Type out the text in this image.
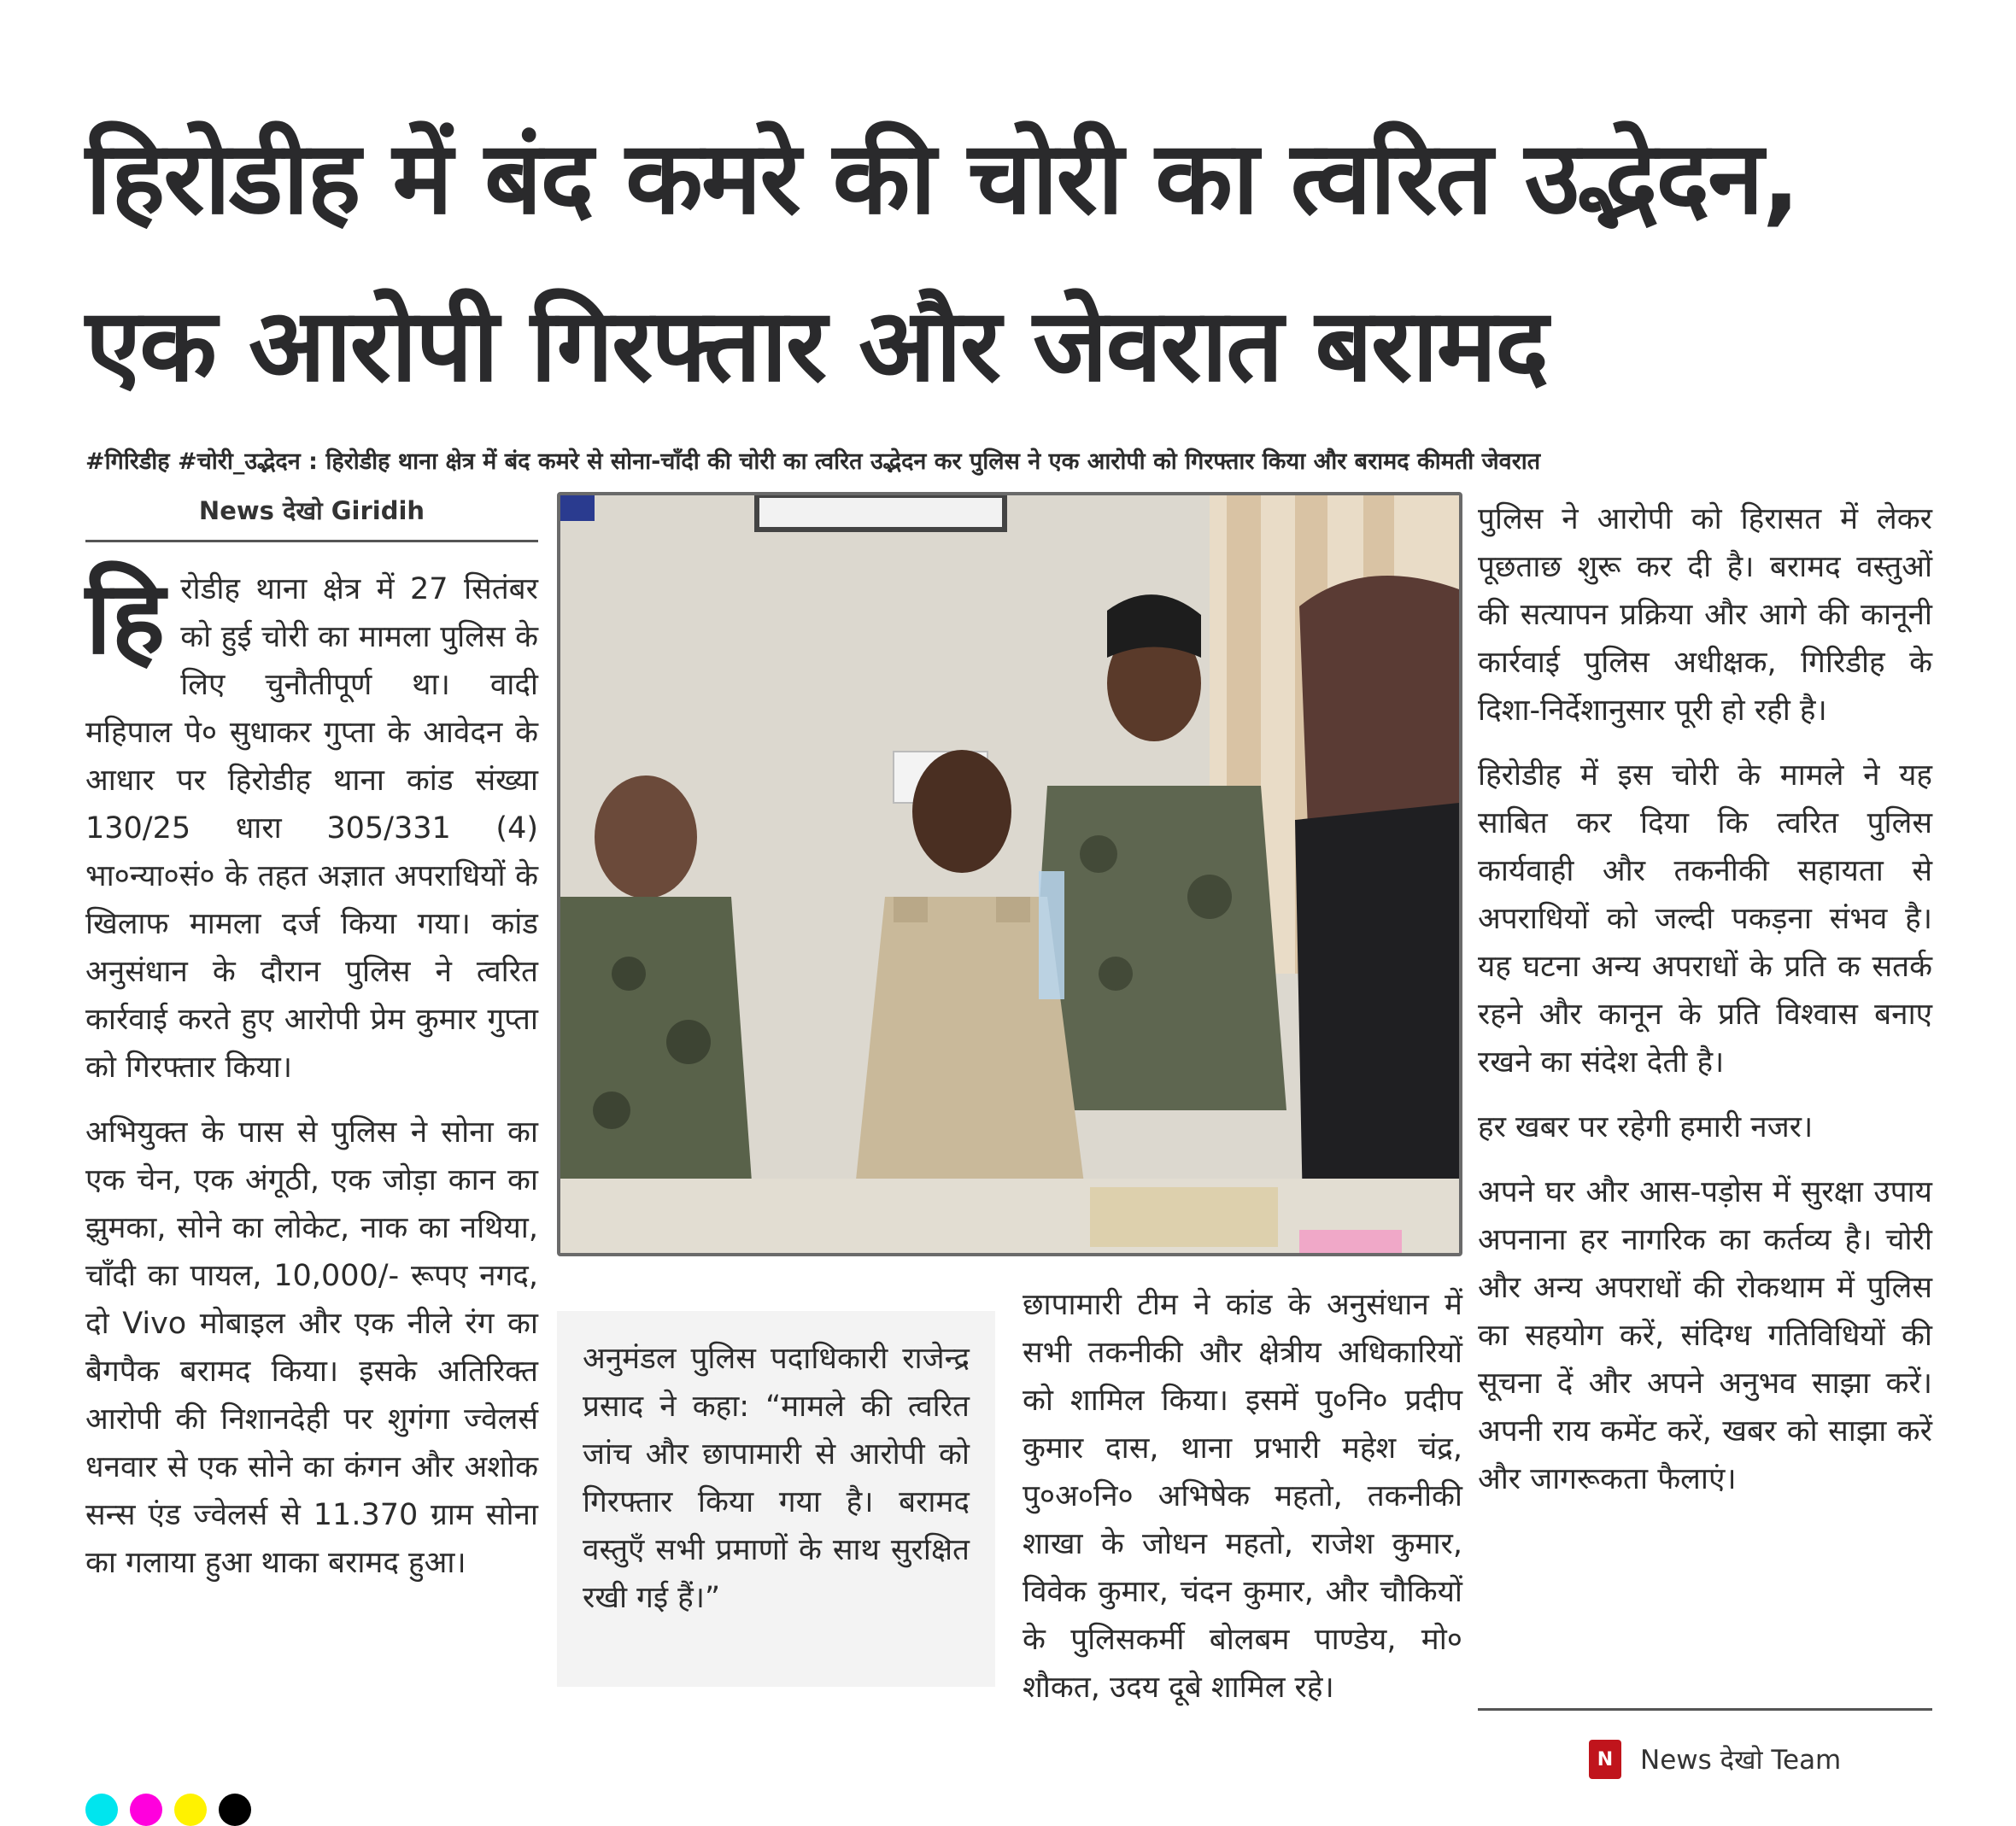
हिरोडीह में बंद कमरे की चोरी का त्वरित उद्भेदन,
एक आरोपी गिरफ्तार और जेवरात बरामद
#गिरिडीह #चोरी_उद्भेदन : हिरोडीह थाना क्षेत्र में बंद कमरे से सोना-चाँदी की चोरी का त्वरित उद्भेदन कर पुलिस ने एक आरोपी को गिरफ्तार किया और बरामद कीमती जेवरात
News देखो Giridih

हिरोडीह थाना क्षेत्र में 27 सितंबर को हुई चोरी का मामला पुलिस के लिए चुनौतीपूर्ण था। वादी महिपाल पे० सुधाकर गुप्ता के आवेदन के आधार पर हिरोडीह थाना कांड संख्या 130/25 धारा 305/331 (4) भा०न्या०सं० के तहत अज्ञात अपराधियों के खिलाफ मामला दर्ज किया गया। कांड अनुसंधान के दौरान पुलिस ने त्वरित कार्रवाई करते हुए आरोपी प्रेम कुमार गुप्ता को गिरफ्तार किया।

अभियुक्त के पास से पुलिस ने सोना का एक चेन, एक अंगूठी, एक जोड़ा कान का झुमका, सोने का लोकेट, नाक का नथिया, चाँदी का पायल, 10,000/- रूपए नगद, दो Vivo मोबाइल और एक नीले रंग का बैगपैक बरामद किया। इसके अतिरिक्त आरोपी की निशानदेही पर शुगंगा ज्वेलर्स धनवार से एक सोने का कंगन और अशोक सन्स एंड ज्वेलर्स से 11.370 ग्राम सोना का गलाया हुआ थाका बरामद हुआ।

अनुमंडल पुलिस पदाधिकारी राजेन्द्र प्रसाद ने कहा: “मामले की त्वरित जांच और छापामारी से आरोपी को गिरफ्तार किया गया है। बरामद वस्तुएँ सभी प्रमाणों के साथ सुरक्षित रखी गई हैं।”

छापामारी टीम ने कांड के अनुसंधान में सभी तकनीकी और क्षेत्रीय अधिकारियों को शामिल किया। इसमें पु०नि० प्रदीप कुमार दास, थाना प्रभारी महेश चंद्र, पु०अ०नि० अभिषेक महतो, तकनीकी शाखा के जोधन महतो, राजेश कुमार, विवेक कुमार, चंदन कुमार, और चौकियों के पुलिसकर्मी बोलबम पाण्डेय, मो० शौकत, उदय दूबे शामिल रहे।

पुलिस ने आरोपी को हिरासत में लेकर पूछताछ शुरू कर दी है। बरामद वस्तुओं की सत्यापन प्रक्रिया और आगे की कानूनी कार्रवाई पुलिस अधीक्षक, गिरिडीह के दिशा-निर्देशानुसार पूरी हो रही है।

हिरोडीह में इस चोरी के मामले ने यह साबित कर दिया कि त्वरित पुलिस कार्यवाही और तकनीकी सहायता से अपराधियों को जल्दी पकड़ना संभव है। यह घटना अन्य अपराधों के प्रति क सतर्क रहने और कानून के प्रति विश्वास बनाए रखने का संदेश देती है।

हर खबर पर रहेगी हमारी नजर।

अपने घर और आस-पड़ोस में सुरक्षा उपाय अपनाना हर नागरिक का कर्तव्य है। चोरी और अन्य अपराधों की रोकथाम में पुलिस का सहयोग करें, संदिग्ध गतिविधियों की सूचना दें और अपने अनुभव साझा करें। अपनी राय कमेंट करें, खबर को साझा करें और जागरूकता फैलाएं।

N	News देखो Team
